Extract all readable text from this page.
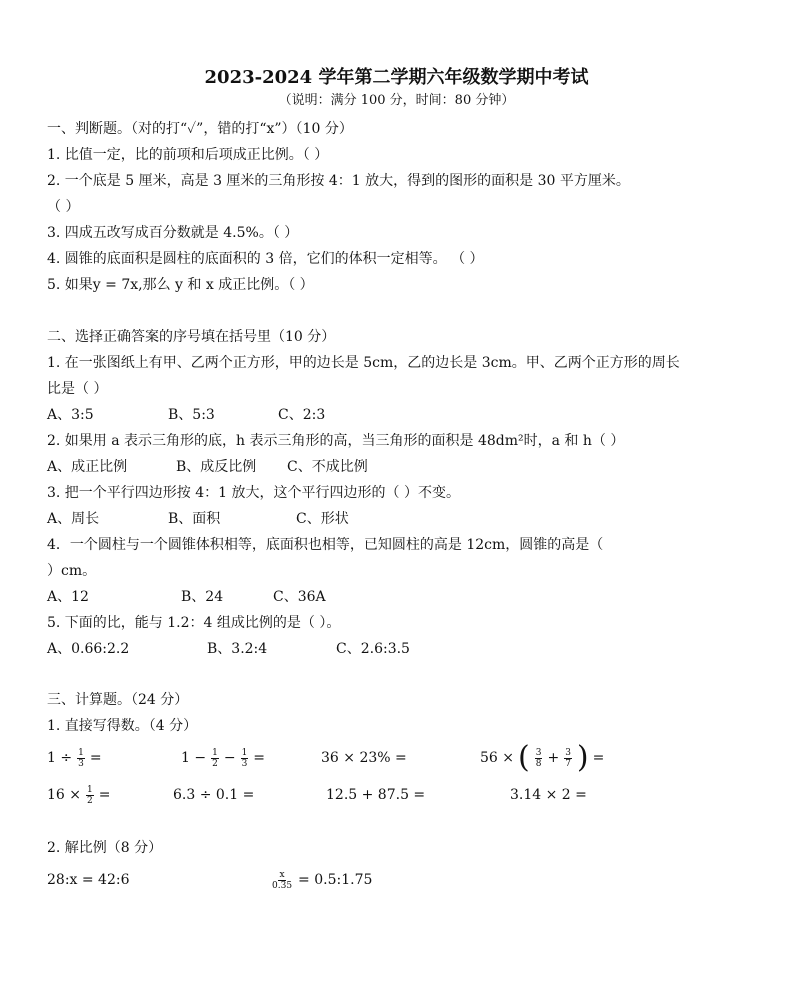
2023-2024 学年第二学期六年级数学期中考试
（说明：满分 100 分，时间：80 分钟）
一、判断题。（对的打“✓”，错的打“x”）（10 分）
1. 比值一定，比的前项和后项成正比例。（ ）
2. 一个底是 5 厘米，高是 3 厘米的三角形按 4：1 放大，得到的图形的面积是 30 平方厘米。
（ ）
3. 四成五改写成百分数就是 4.5%。（ ）
4. 圆锥的底面积是圆柱的底面积的 3 倍，它们的体积一定相等。 （ ）
5. 如果y = 7x,那么 y 和 x 成正比例。（ ）
二、选择正确答案的序号填在括号里（10 分）
1. 在一张图纸上有甲、乙两个正方形，甲的边长是 5cm，乙的边长是 3cm。甲、乙两个正方形的周长
比是（ ）
A、3:5	B、5:3	C、2:3
2. 如果用 a 表示三角形的底，h 表示三角形的高，当三角形的面积是 48dm²时，a 和 h（ ）
A、成正比例	B、成反比例 C、不成比例
3. 把一个平行四边形按 4：1 放大，这个平行四边形的（ ）不变。
A、周长	B、面积	C、形状
4．一个圆柱与一个圆锥体积相等，底面积也相等，已知圆柱的高是 12cm，圆锥的高是（
）cm。
A、12	B、24	C、36A
5. 下面的比，能与 1.2：4 组成比例的是（ ）。
A、0.66:2.2	B、3.2:4	C、2.6:3.5
三、计算题。（24 分）
1. 直接写得数。（4 分）
$1 \div \frac{1}{3}$ =	$1 - \frac{1}{2} - \frac{1}{3}$ =	36 × 23% =	56 × ( $\frac{3}{8} + \frac{3}{7}$ ) =
$16 \times \frac{1}{2}$ =	6.3 ÷ 0.1 =	12.5 + 87.5 =	3.14 × 2 =
2. 解比例（8 分）
28:x = 42:6	$\frac{x}{0.35}$ = 0.5:1.75
